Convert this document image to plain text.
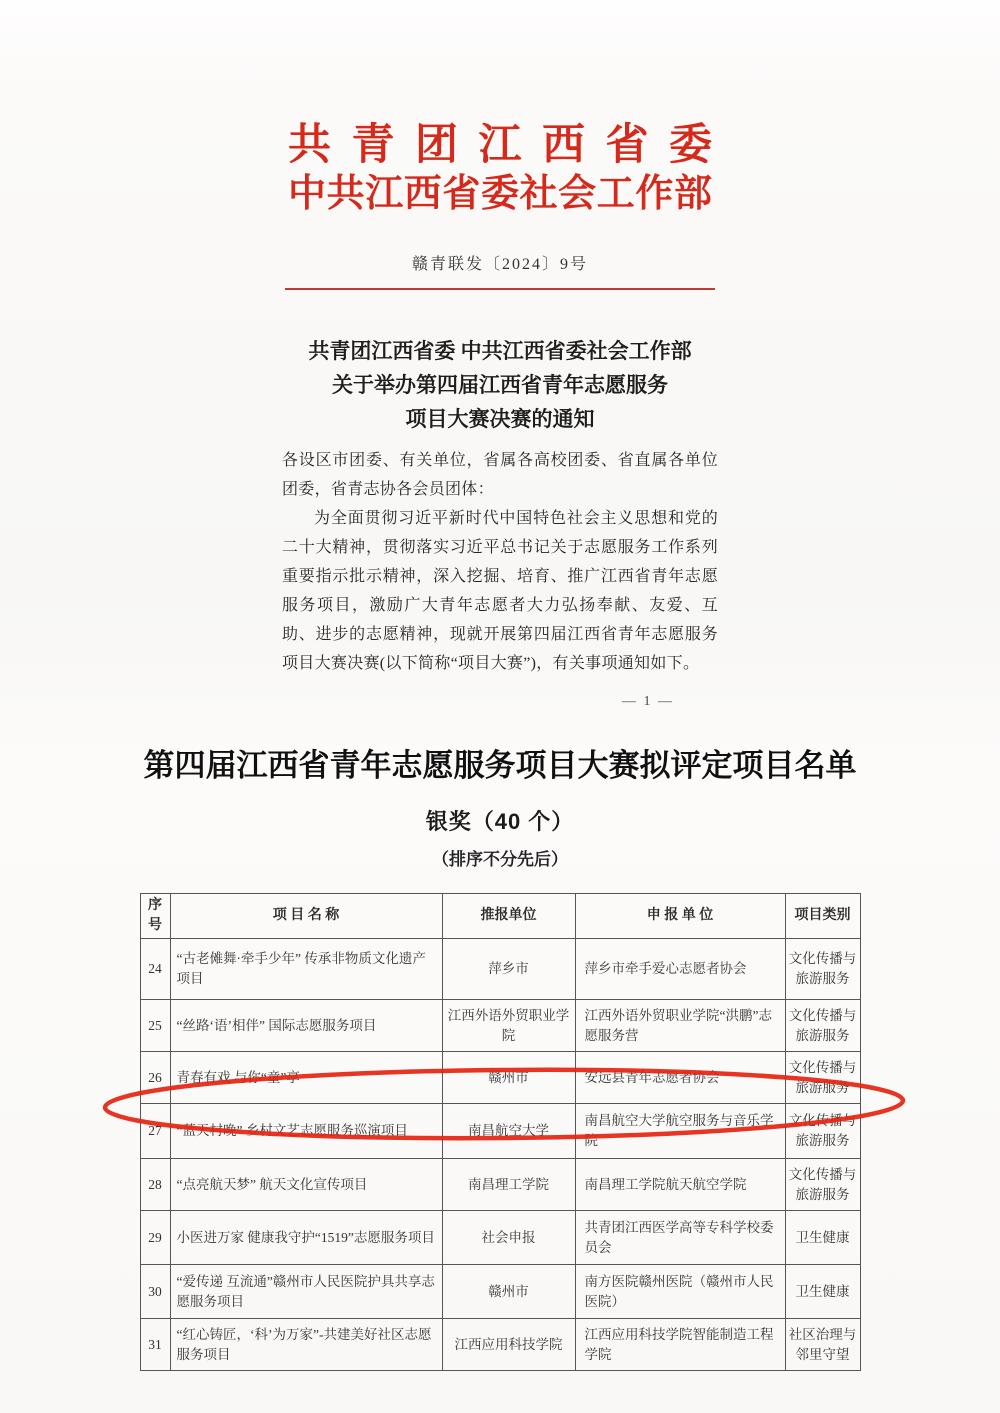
共 青 团 江 西 省 委
中 共 江 西 省 委 社 会 工 作 部
赣青联发〔2024〕9号
共青团江西省委 中共江西省委社会工作部
关于举办第四届江西省青年志愿服务
项目大赛决赛的通知

各设区市团委、有关单位，省属各高校团委、省直属各单位团委，省青志协各会员团体：

为全面贯彻习近平新时代中国特色社会主义思想和党的二十大精神，贯彻落实习近平总书记关于志愿服务工作系列重要指示批示精神，深入挖掘、培育、推广江西省青年志愿服务项目，激励广大青年志愿者大力弘扬奉献、友爱、互助、进步的志愿精神，现就开展第四届江西省青年志愿服务项目大赛决赛(以下简称“项目大赛”)，有关事项通知如下。

— 1 —
第四届江西省青年志愿服务项目大赛拟评定项目名单
银奖（40 个）
（排序不分先后）
序号	项 目 名 称	推报单位	申 报 单 位	项目类别
24	“古老傩舞·牵手少年” 传承非物质文化遗产项目	萍乡市	萍乡市牵手爱心志愿者协会	文化传播与旅游服务
25	“丝路‘语’相伴” 国际志愿服务项目	江西外语外贸职业学院	江西外语外贸职业学院“洪鹏”志愿服务营	文化传播与旅游服务
26	青春有戏 与你“童”享	赣州市	安远县青年志愿者协会	文化传播与旅游服务
27	“蓝天村晚” 乡村文艺志愿服务巡演项目	南昌航空大学	南昌航空大学航空服务与音乐学院	文化传播与旅游服务
28	“点亮航天梦” 航天文化宣传项目	南昌理工学院	南昌理工学院航天航空学院	文化传播与旅游服务
29	小医进万家 健康我守护“1519”志愿服务项目	社会申报	共青团江西医学高等专科学校委员会	卫生健康
30	“爱传递 互流通”赣州市人民医院护具共享志愿服务项目	赣州市	南方医院赣州医院（赣州市人民医院）	卫生健康
31	“红心铸匠，‘科’为万家”-共建美好社区志愿服务项目	江西应用科技学院	江西应用科技学院智能制造工程学院	社区治理与邻里守望
